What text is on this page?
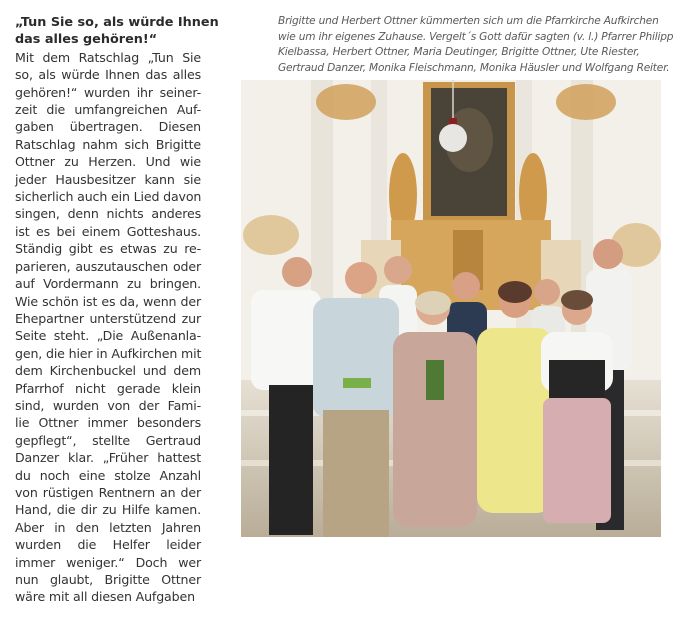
„Tun Sie so, als würde Ihnen
das alles gehören!“
Mit dem Ratschlag „Tun Sie
so, als würde Ihnen das alles
gehören!“ wurden ihr seiner-
zeit die umfangreichen Auf-
gaben übertragen. Diesen
Ratschlag nahm sich Brigitte
Ottner zu Herzen. Und wie
jeder Hausbesitzer kann sie
sicherlich auch ein Lied davon
singen, denn nichts anderes
ist es bei einem Gotteshaus.
Ständig gibt es etwas zu re-
parieren, auszutauschen oder
auf Vordermann zu bringen.
Wie schön ist es da, wenn der
Ehepartner unterstützend zur
Seite steht. „Die Außenanla-
gen, die hier in Aufkirchen mit
dem Kirchenbuckel und dem
Pfarrhof nicht gerade klein
sind, wurden von der Fami-
lie Ottner immer besonders
gepflegt“, stellte Gertraud
Danzer klar. „Früher hattest
du noch eine stolze Anzahl
von rüstigen Rentnern an der
Hand, die dir zu Hilfe kamen.
Aber in den letzten Jahren
wurden die Helfer leider
immer weniger.“ Doch wer
nun glaubt, Brigitte Ottner
wäre mit all diesen Aufgaben
Brigitte und Herbert Ottner kümmerten sich um die Pfarrkirche Aufkirchen
wie um ihr eigenes Zuhause. Vergelt´s Gott dafür sagten (v. l.) Pfarrer Philipp
Kielbassa, Herbert Ottner, Maria Deutinger, Brigitte Ottner, Ute Riester,
Gertraud Danzer, Monika Fleischmann, Monika Häusler und Wolfgang Reiter.
